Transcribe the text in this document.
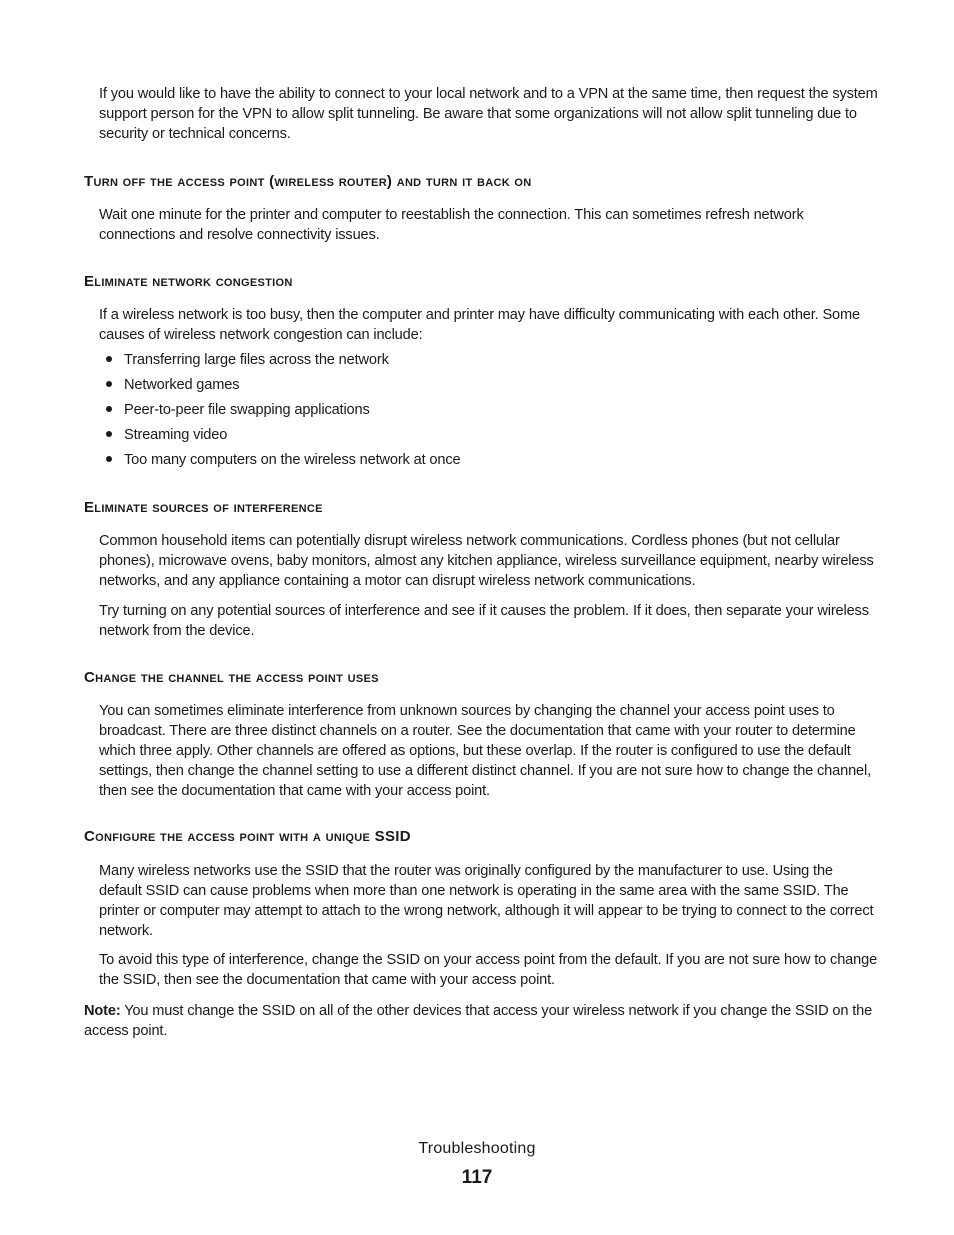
If you would like to have the ability to connect to your local network and to a VPN at the same time, then request the system support person for the VPN to allow split tunneling. Be aware that some organizations will not allow split tunneling due to security or technical concerns.

Turn off the access point (wireless router) and turn it back on

Wait one minute for the printer and computer to reestablish the connection. This can sometimes refresh network connections and resolve connectivity issues.

Eliminate network congestion

If a wireless network is too busy, then the computer and printer may have difficulty communicating with each other. Some causes of wireless network congestion can include:

Transferring large files across the network
Networked games
Peer-to-peer file swapping applications
Streaming video
Too many computers on the wireless network at once
Eliminate sources of interference

Common household items can potentially disrupt wireless network communications. Cordless phones (but not cellular phones), microwave ovens, baby monitors, almost any kitchen appliance, wireless surveillance equipment, nearby wireless networks, and any appliance containing a motor can disrupt wireless network communications.

Try turning on any potential sources of interference and see if it causes the problem. If it does, then separate your wireless network from the device.

Change the channel the access point uses

You can sometimes eliminate interference from unknown sources by changing the channel your access point uses to broadcast. There are three distinct channels on a router. See the documentation that came with your router to determine which three apply. Other channels are offered as options, but these overlap. If the router is configured to use the default settings, then change the channel setting to use a different distinct channel. If you are not sure how to change the channel, then see the documentation that came with your access point.

Configure the access point with a unique SSID

Many wireless networks use the SSID that the router was originally configured by the manufacturer to use. Using the default SSID can cause problems when more than one network is operating in the same area with the same SSID. The printer or computer may attempt to attach to the wrong network, although it will appear to be trying to connect to the correct network.

To avoid this type of interference, change the SSID on your access point from the default. If you are not sure how to change the SSID, then see the documentation that came with your access point.

Note: You must change the SSID on all of the other devices that access your wireless network if you change the SSID on the access point.

Troubleshooting
117
